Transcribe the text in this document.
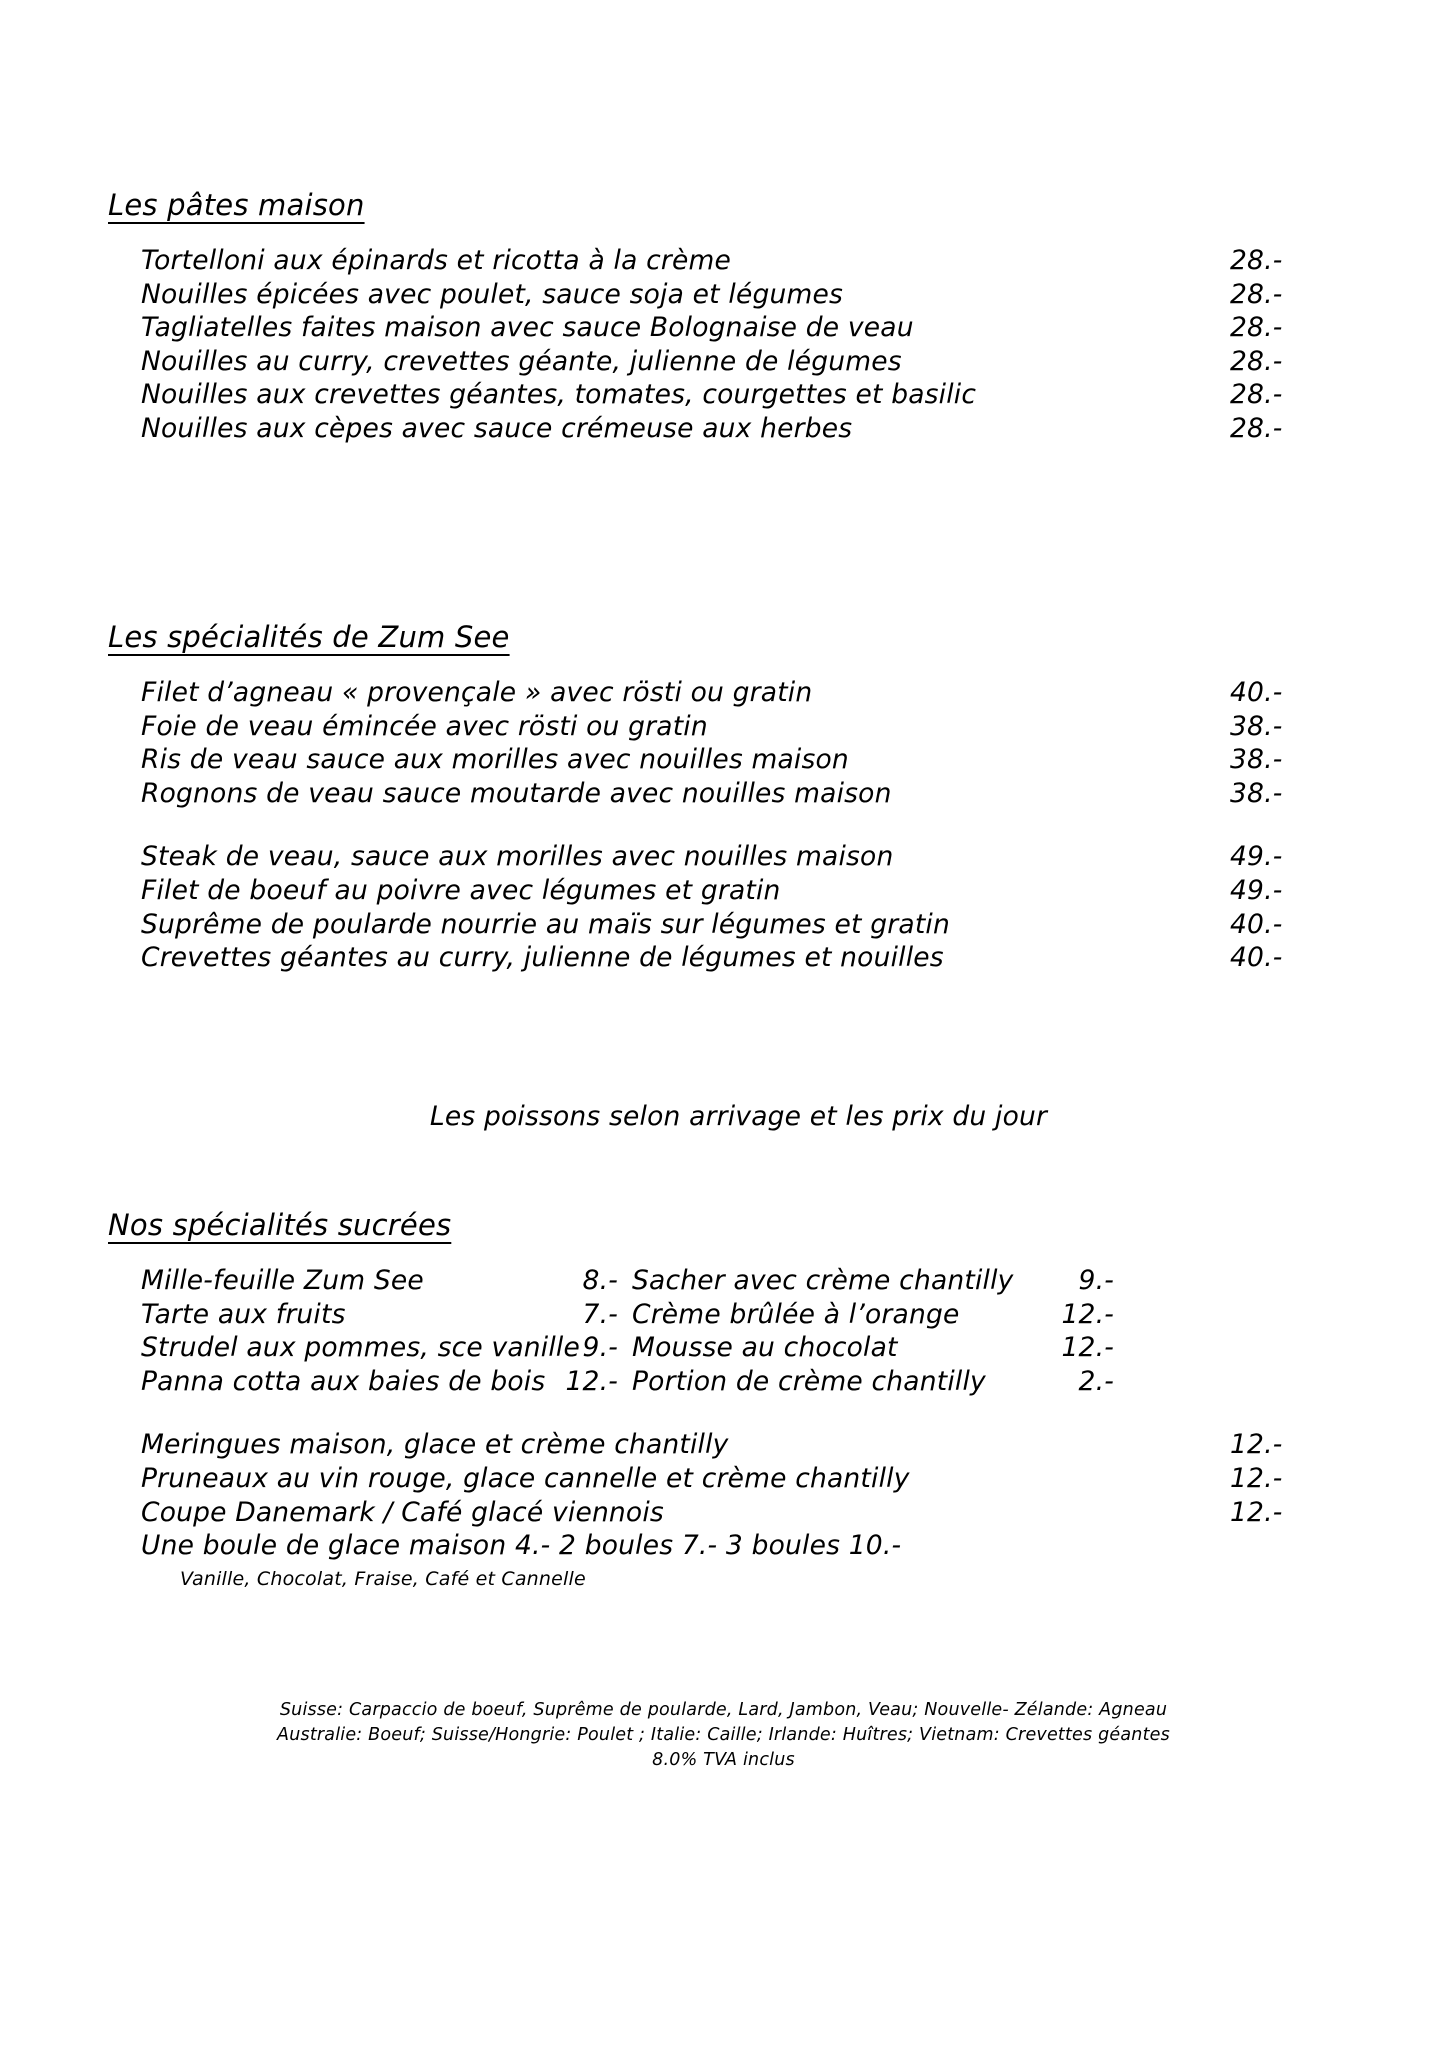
Les pâtes maison
Tortelloni aux épinards et ricotta à la crème	28.-
Nouilles épicées avec poulet, sauce soja et légumes	28.-
Tagliatelles faites maison avec sauce Bolognaise de veau	28.-
Nouilles au curry, crevettes géante, julienne de légumes	28.-
Nouilles aux crevettes géantes, tomates, courgettes et basilic	28.-
Nouilles aux cèpes avec sauce crémeuse aux herbes	28.-
Les spécialités de Zum See
Filet d’agneau « provençale » avec rösti ou gratin	40.-
Foie de veau émincée avec rösti ou gratin	38.-
Ris de veau sauce aux morilles avec nouilles maison	38.-
Rognons de veau sauce moutarde avec nouilles maison	38.-
Steak de veau, sauce aux morilles avec nouilles maison	49.-
Filet de boeuf au poivre avec légumes et gratin	49.-
Suprême de poularde nourrie au maïs sur légumes et gratin	40.-
Crevettes géantes au curry, julienne de légumes et nouilles	40.-
Les poissons selon arrivage et les prix du jour
Nos spécialités sucrées
Mille-feuille Zum See	8.- Sacher avec crème chantilly	9.-
Tarte aux fruits	7.- Crème brûlée à l’orange	12.-
Strudel aux pommes, sce vanille 9.- Mousse au chocolat	12.-
Panna cotta aux baies de bois 12.- Portion de crème chantilly	2.-
Meringues maison, glace et crème chantilly	12.-
Pruneaux au vin rouge, glace cannelle et crème chantilly	12.-
Coupe Danemark / Café glacé viennois	12.-
Une boule de glace maison 4.- 2 boules 7.- 3 boules 10.-
Vanille, Chocolat, Fraise, Café et Cannelle
Suisse: Carpaccio de boeuf, Suprême de poularde, Lard, Jambon, Veau; Nouvelle- Zélande: Agneau
Australie: Boeuf; Suisse/Hongrie: Poulet ; Italie: Caille; Irlande: Huîtres; Vietnam: Crevettes géantes
8.0% TVA inclus
